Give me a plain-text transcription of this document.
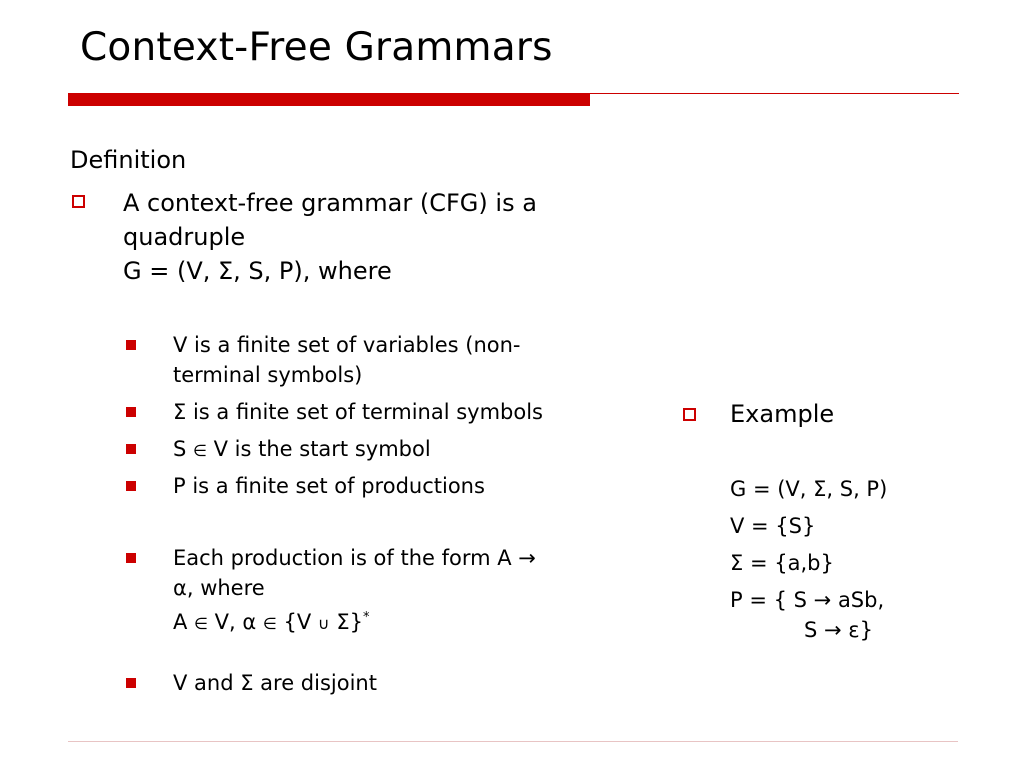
Context-Free Grammars
Definition
A context-free grammar (CFG) is a
quadruple
G = (V, Σ, S, P), where
V is a finite set of variables (non-
terminal symbols)
Σ is a finite set of terminal symbols
S ∈ V is the start symbol
P is a finite set of productions
Each production is of the form A →
α, where
A ∈ V, α ∈ {V ∪ Σ}*
V and Σ are disjoint
Example
G = (V, Σ, S, P)
V = {S}
Σ = {a,b}
P = { S → aSb,
S → ε}
